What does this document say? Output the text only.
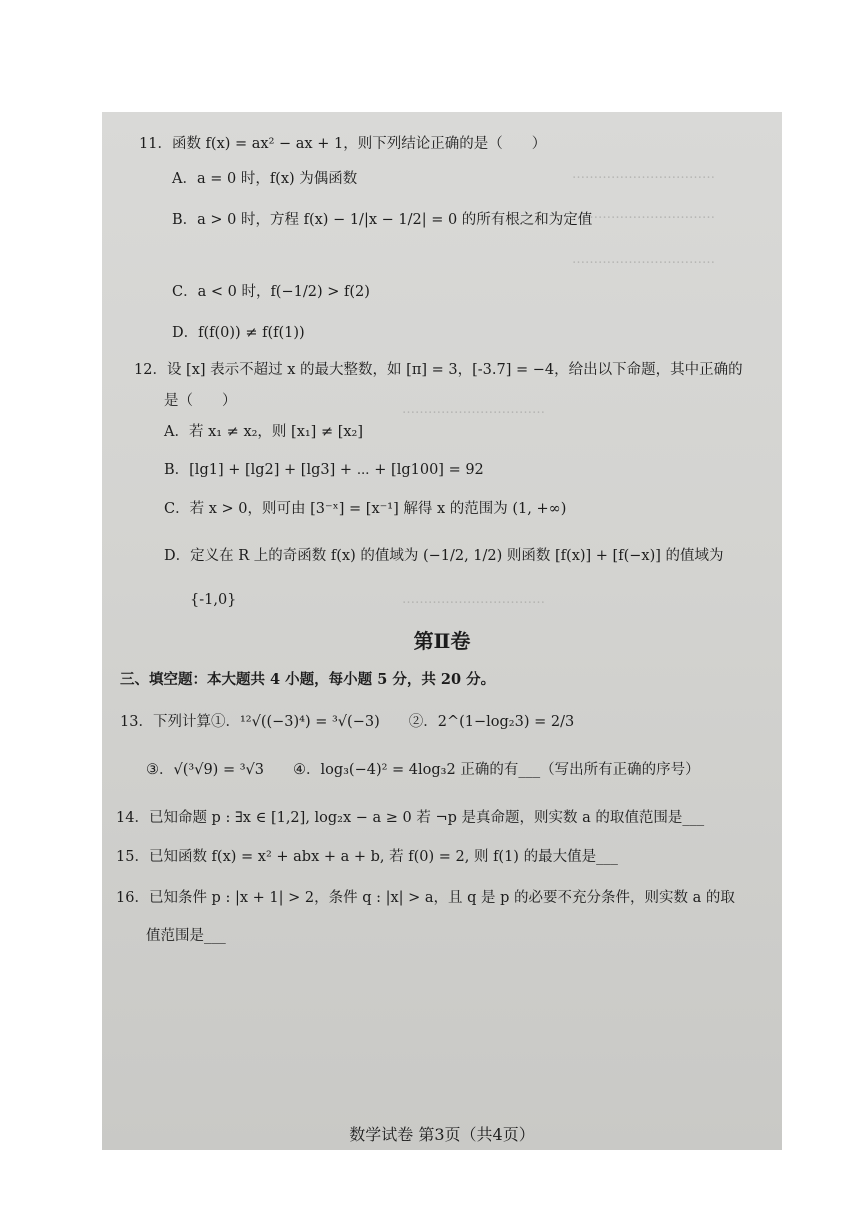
……………………………
……………………………
……………………………
……………………………
……………………………
11．函数 f(x) = ax² − ax + 1，则下列结论正确的是（　　）
A．a = 0 时，f(x) 为偶函数
B．a > 0 时，方程 f(x) − 1/|x − 1/2| = 0 的所有根之和为定值
C．a < 0 时，f(−1/2) > f(2)
D．f(f(0)) ≠ f(f(1))
12．设 [x] 表示不超过 x 的最大整数，如 [π] = 3，[-3.7] = −4，给出以下命题，其中正确的
是（　　）
A．若 x₁ ≠ x₂，则 [x₁] ≠ [x₂]
B．[lg1] + [lg2] + [lg3] + ⋯ + [lg100] = 92
C．若 x > 0，则可由 [3⁻ˣ] = [x⁻¹] 解得 x 的范围为 (1, +∞)
D．定义在 R 上的奇函数 f(x) 的值域为 (−1/2, 1/2) 则函数 [f(x)] + [f(−x)] 的值域为
{-1,0}
第Ⅱ卷
三、填空题：本大题共 4 小题，每小题 5 分，共 20 分。
13．下列计算①．¹²√((−3)⁴) = ³√(−3)　　②．2^(1−log₂3) = 2/3
③．√(³√9) = ³√3　　④．log₃(−4)² = 4log₃2 正确的有___（写出所有正确的序号）
14．已知命题 p : ∃x ∈ [1,2], log₂x − a ≥ 0 若 ¬p 是真命题，则实数 a 的取值范围是___
15．已知函数 f(x) = x² + abx + a + b, 若 f(0) = 2, 则 f(1) 的最大值是___
16．已知条件 p : |x + 1| > 2，条件 q : |x| > a，且 q 是 p 的必要不充分条件，则实数 a 的取
值范围是___
数学试卷 第3页（共4页）
